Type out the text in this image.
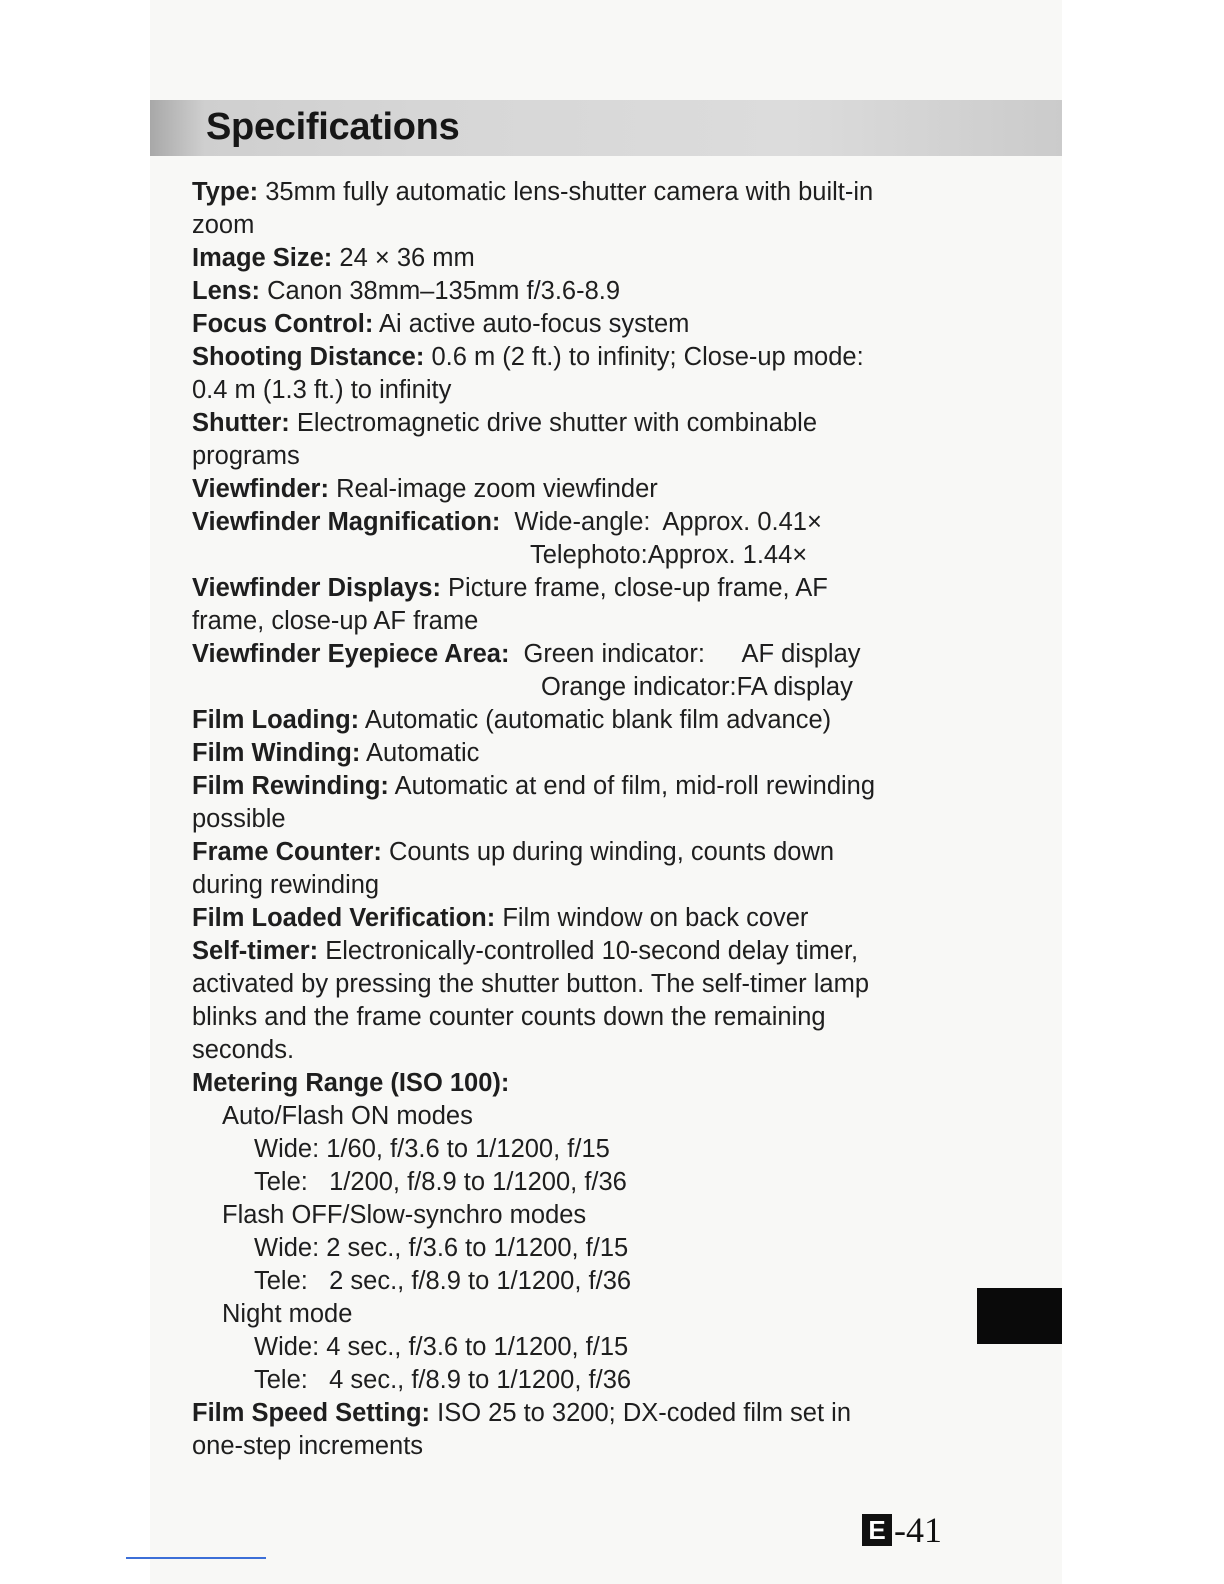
Specifications
Type: 35mm fully automatic lens-shutter camera with built-in
zoom
Image Size: 24 × 36 mm
Lens: Canon 38mm–135mm f/3.6-8.9
Focus Control: Ai active auto-focus system
Shooting Distance: 0.6 m (2 ft.) to infinity; Close-up mode:
0.4 m (1.3 ft.) to infinity
Shutter: Electromagnetic drive shutter with combinable
programs
Viewfinder: Real-image zoom viewfinder
Viewfinder Magnification: Wide-angle: Approx. 0.41×
Telephoto:Approx. 1.44×
Viewfinder Displays: Picture frame, close-up frame, AF
frame, close-up AF frame
Viewfinder Eyepiece Area: Green indicator: AF display
Orange indicator:FA display
Film Loading: Automatic (automatic blank film advance)
Film Winding: Automatic
Film Rewinding: Automatic at end of film, mid-roll rewinding
possible
Frame Counter: Counts up during winding, counts down
during rewinding
Film Loaded Verification: Film window on back cover
Self-timer: Electronically-controlled 10-second delay timer,
activated by pressing the shutter button. The self-timer lamp
blinks and the frame counter counts down the remaining
seconds.
Metering Range (ISO 100):
Auto/Flash ON modes
Wide: 1/60, f/3.6 to 1/1200, f/15
Tele:   1/200, f/8.9 to 1/1200, f/36
Flash OFF/Slow-synchro modes
Wide: 2 sec., f/3.6 to 1/1200, f/15
Tele:   2 sec., f/8.9 to 1/1200, f/36
Night mode
Wide: 4 sec., f/3.6 to 1/1200, f/15
Tele:   4 sec., f/8.9 to 1/1200, f/36
Film Speed Setting: ISO 25 to 3200; DX-coded film set in
one-step increments
E -41
